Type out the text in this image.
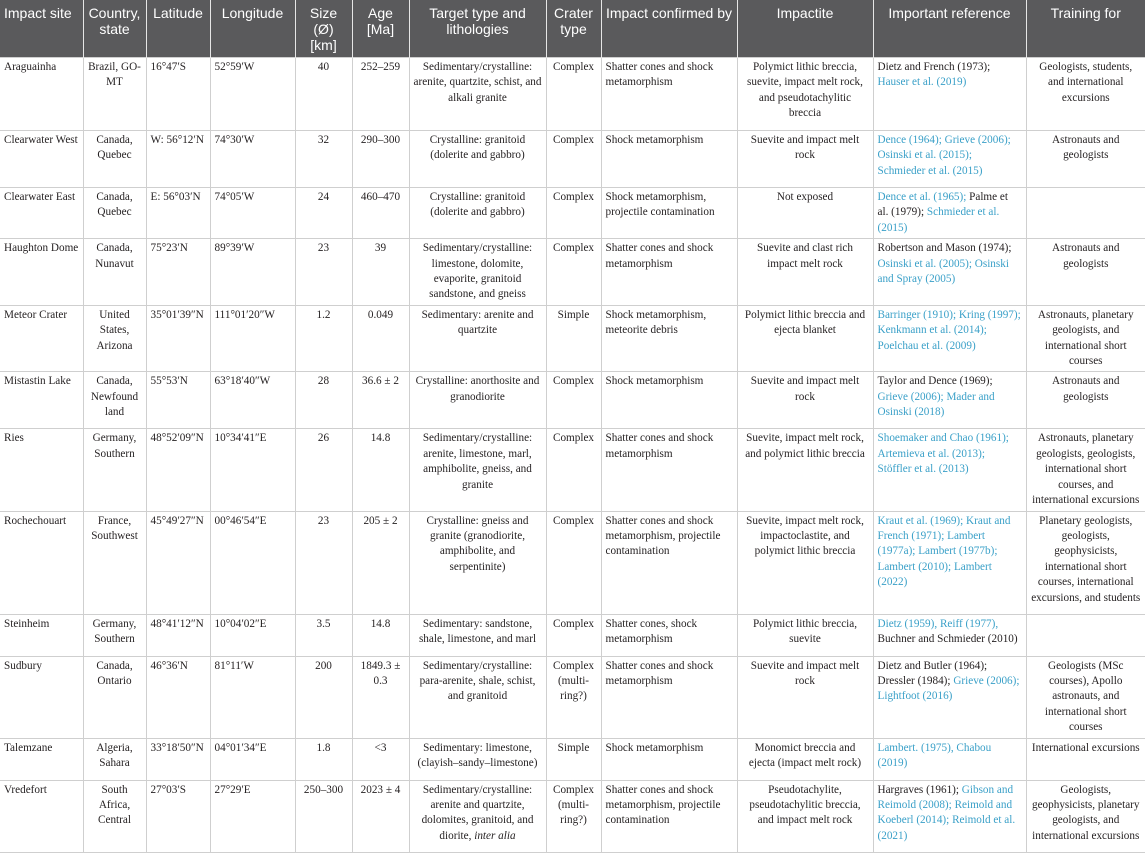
Impact site	Country, state	Latitude	Longitude	Size (Ø) [km]	Age [Ma]	Target type and lithologies	Crater type	Impact confirmed by	Impactite	Important reference	Training for
Araguainha	Brazil, GO-MT	16°47′S	52°59′W	40	252–259	Sedimentary/crystalline: arenite, quartzite, schist, and alkali granite	Complex	Shatter cones and shock metamorphism	Polymict lithic breccia, suevite, impact melt rock, and pseudotachylitic breccia	Dietz and French (1973); Hauser et al. (2019)	Geologists, students, and international excursions
Clearwater West	Canada, Quebec	W: 56°12′N	74°30′W	32	290–300	Crystalline: granitoid (dolerite and gabbro)	Complex	Shock metamorphism	Suevite and impact melt rock	Dence (1964); Grieve (2006); Osinski et al. (2015); Schmieder et al. (2015)	Astronauts and geologists
Clearwater East	Canada, Quebec	E: 56°03′N	74°05′W	24	460–470	Crystalline: granitoid (dolerite and gabbro)	Complex	Shock metamorphism, projectile contamination	Not exposed	Dence et al. (1965); Palme et al. (1979); Schmieder et al. (2015)	
Haughton Dome	Canada, Nunavut	75°23′N	89°39′W	23	39	Sedimentary/crystalline: limestone, dolomite, evaporite, granitoid sandstone, and gneiss	Complex	Shatter cones and shock metamorphism	Suevite and clast rich impact melt rock	Robertson and Mason (1974); Osinski et al. (2005); Osinski and Spray (2005)	Astronauts and geologists
Meteor Crater	United States, Arizona	35°01′39″N	111°01′20″W	1.2	0.049	Sedimentary: arenite and quartzite	Simple	Shock metamorphism, meteorite debris	Polymict lithic breccia and ejecta blanket	Barringer (1910); Kring (1997); Kenkmann et al. (2014); Poelchau et al. (2009)	Astronauts, planetary geologists, and international short courses
Mistastin Lake	Canada, Newfound land	55°53′N	63°18′40″W	28	36.6 ± 2	Crystalline: anorthosite and granodiorite	Complex	Shock metamorphism	Suevite and impact melt rock	Taylor and Dence (1969); Grieve (2006); Mader and Osinski (2018)	Astronauts and geologists
Ries	Germany, Southern	48°52′09″N	10°34′41″E	26	14.8	Sedimentary/crystalline: arenite, limestone, marl, amphibolite, gneiss, and granite	Complex	Shatter cones and shock metamorphism	Suevite, impact melt rock, and polymict lithic breccia	Shoemaker and Chao (1961); Artemieva et al. (2013); Stöffler et al. (2013)	Astronauts, planetary geologists, geologists, international short courses, and international excursions
Rochechouart	France, Southwest	45°49′27″N	00°46′54″E	23	205 ± 2	Crystalline: gneiss and granite (granodiorite, amphibolite, and serpentinite)	Complex	Shatter cones and shock metamorphism, projectile contamination	Suevite, impact melt rock, impactoclastite, and polymict lithic breccia	Kraut et al. (1969); Kraut and French (1971); Lambert (1977a); Lambert (1977b); Lambert (2010); Lambert (2022)	Planetary geologists, geologists, geophysicists, international short courses, international excursions, and students
Steinheim	Germany, Southern	48°41′12″N	10°04′02″E	3.5	14.8	Sedimentary: sandstone, shale, limestone, and marl	Complex	Shatter cones, shock metamorphism	Polymict lithic breccia, suevite	Dietz (1959), Reiff (1977), Buchner and Schmieder (2010)	
Sudbury	Canada, Ontario	46°36′N	81°11′W	200	1849.3 ± 0.3	Sedimentary/crystalline: para-arenite, shale, schist, and granitoid	Complex (multi-ring?)	Shatter cones and shock metamorphism	Suevite and impact melt rock	Dietz and Butler (1964); Dressler (1984); Grieve (2006); Lightfoot (2016)	Geologists (MSc courses), Apollo astronauts, and international short courses
Talemzane	Algeria, Sahara	33°18′50″N	04°01′34″E	1.8	<3	Sedimentary: limestone, (clayish–sandy–limestone)	Simple	Shock metamorphism	Monomict breccia and ejecta (impact melt rock)	Lambert. (1975), Chabou (2019)	International excursions
Vredefort	South Africa, Central	27°03′S	27°29′E	250–300	2023 ± 4	Sedimentary/crystalline: arenite and quartzite, dolomites, granitoid, and diorite, inter alia	Complex (multi-ring?)	Shatter cones and shock metamorphism, projectile contamination	Pseudotachylite, pseudotachylitic breccia, and impact melt rock	Hargraves (1961); Gibson and Reimold (2008); Reimold and Koeberl (2014); Reimold et al. (2021)	Geologists, geophysicists, planetary geologists, and international excursions
